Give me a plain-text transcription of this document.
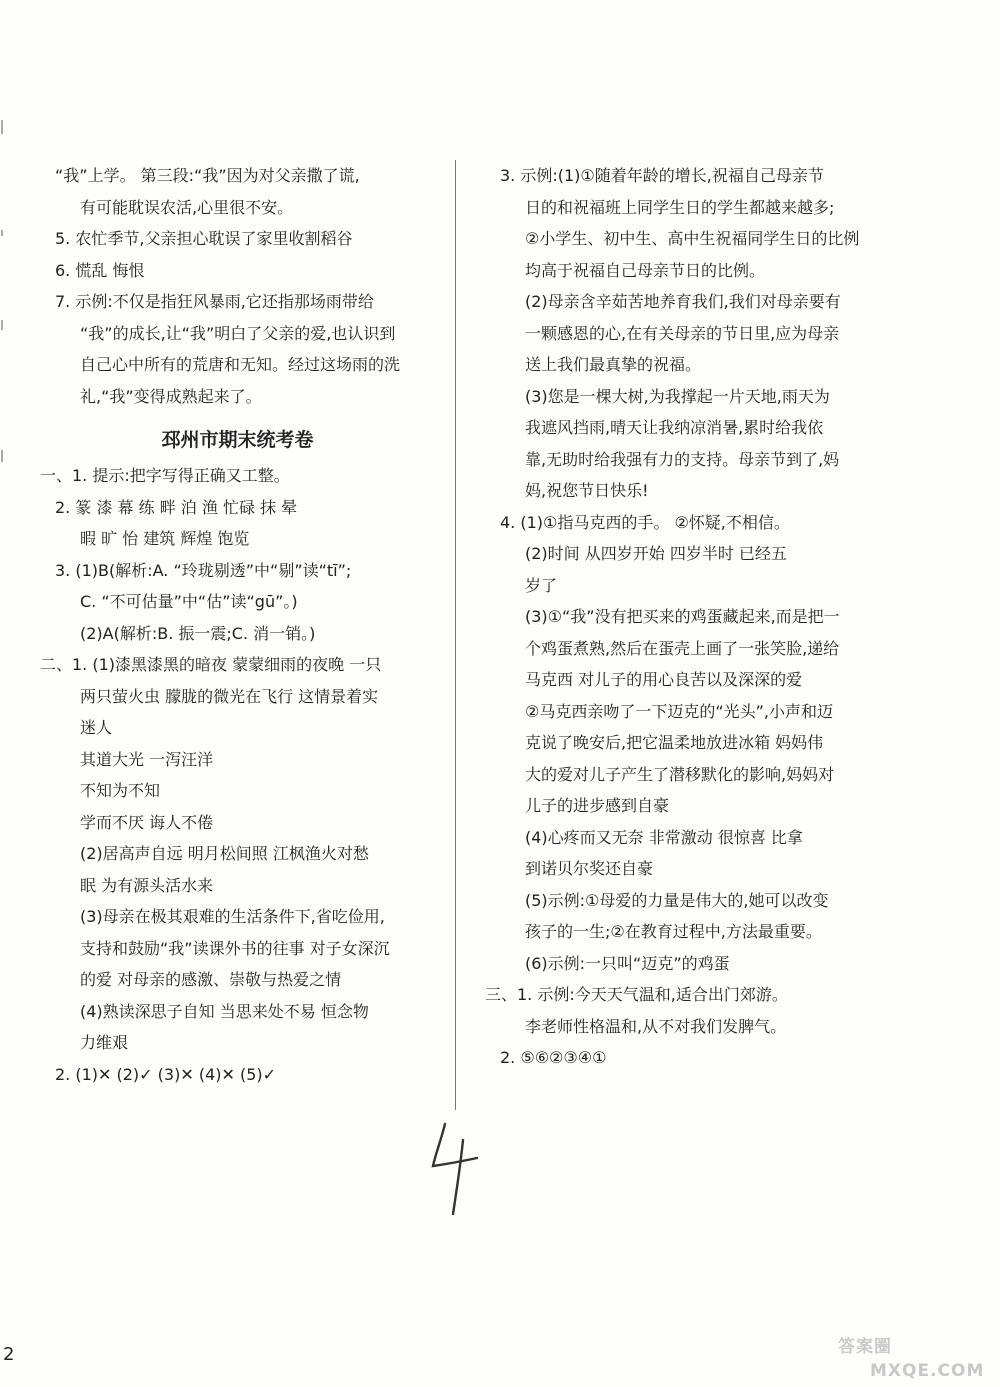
“我”上学。 第三段:“我”因为对父亲撒了谎,
有可能耽误农活,心里很不安。
5. 农忙季节,父亲担心耽误了家里收割稻谷
6. 慌乱 悔恨
7. 示例:不仅是指狂风暴雨,它还指那场雨带给
“我”的成长,让“我”明白了父亲的爱,也认识到
自己心中所有的荒唐和无知。经过这场雨的洗
礼,“我”变得成熟起来了。
邳州市期末统考卷
一、1. 提示:把字写得正确又工整。
2. 篆 漆 幕 练 畔 泊 渔 忙碌 抹 晕
暇 旷 怡 建筑 辉煌 饱览
3. (1)B(解析:A. “玲珑剔透”中“剔”读“tī”;
C. “不可估量”中“估”读“gū”。)
(2)A(解析:B. 振一震;C. 消一销。)
二、1. (1)漆黑漆黑的暗夜 蒙蒙细雨的夜晚 一只
两只萤火虫 朦胧的微光在飞行 这情景着实
迷人
其道大光 一泻汪洋
不知为不知
学而不厌 诲人不倦
(2)居高声自远 明月松间照 江枫渔火对愁
眠 为有源头活水来
(3)母亲在极其艰难的生活条件下,省吃俭用,
支持和鼓励“我”读课外书的往事 对子女深沉
的爱 对母亲的感激、崇敬与热爱之情
(4)熟读深思子自知 当思来处不易 恒念物
力维艰
2. (1)✕ (2)✓ (3)✕ (4)✕ (5)✓
3. 示例:(1)①随着年龄的增长,祝福自己母亲节
日的和祝福班上同学生日的学生都越来越多;
②小学生、初中生、高中生祝福同学生日的比例
均高于祝福自己母亲节日的比例。
(2)母亲含辛茹苦地养育我们,我们对母亲要有
一颗感恩的心,在有关母亲的节日里,应为母亲
送上我们最真挚的祝福。
(3)您是一棵大树,为我撑起一片天地,雨天为
我遮风挡雨,晴天让我纳凉消暑,累时给我依
靠,无助时给我强有力的支持。母亲节到了,妈
妈,祝您节日快乐!
4. (1)①指马克西的手。 ②怀疑,不相信。
(2)时间 从四岁开始 四岁半时 已经五
岁了
(3)①“我”没有把买来的鸡蛋藏起来,而是把一
个鸡蛋煮熟,然后在蛋壳上画了一张笑脸,递给
马克西 对儿子的用心良苦以及深深的爱
②马克西亲吻了一下迈克的“光头”,小声和迈
克说了晚安后,把它温柔地放进冰箱 妈妈伟
大的爱对儿子产生了潜移默化的影响,妈妈对
儿子的进步感到自豪
(4)心疼而又无奈 非常激动 很惊喜 比拿
到诺贝尔奖还自豪
(5)示例:①母爱的力量是伟大的,她可以改变
孩子的一生;②在教育过程中,方法最重要。
(6)示例:一只叫“迈克”的鸡蛋
三、1. 示例:今天天气温和,适合出门郊游。
李老师性格温和,从不对我们发脾气。
2. ⑤⑥②③④①
2	答案圈
MXQE.COM
